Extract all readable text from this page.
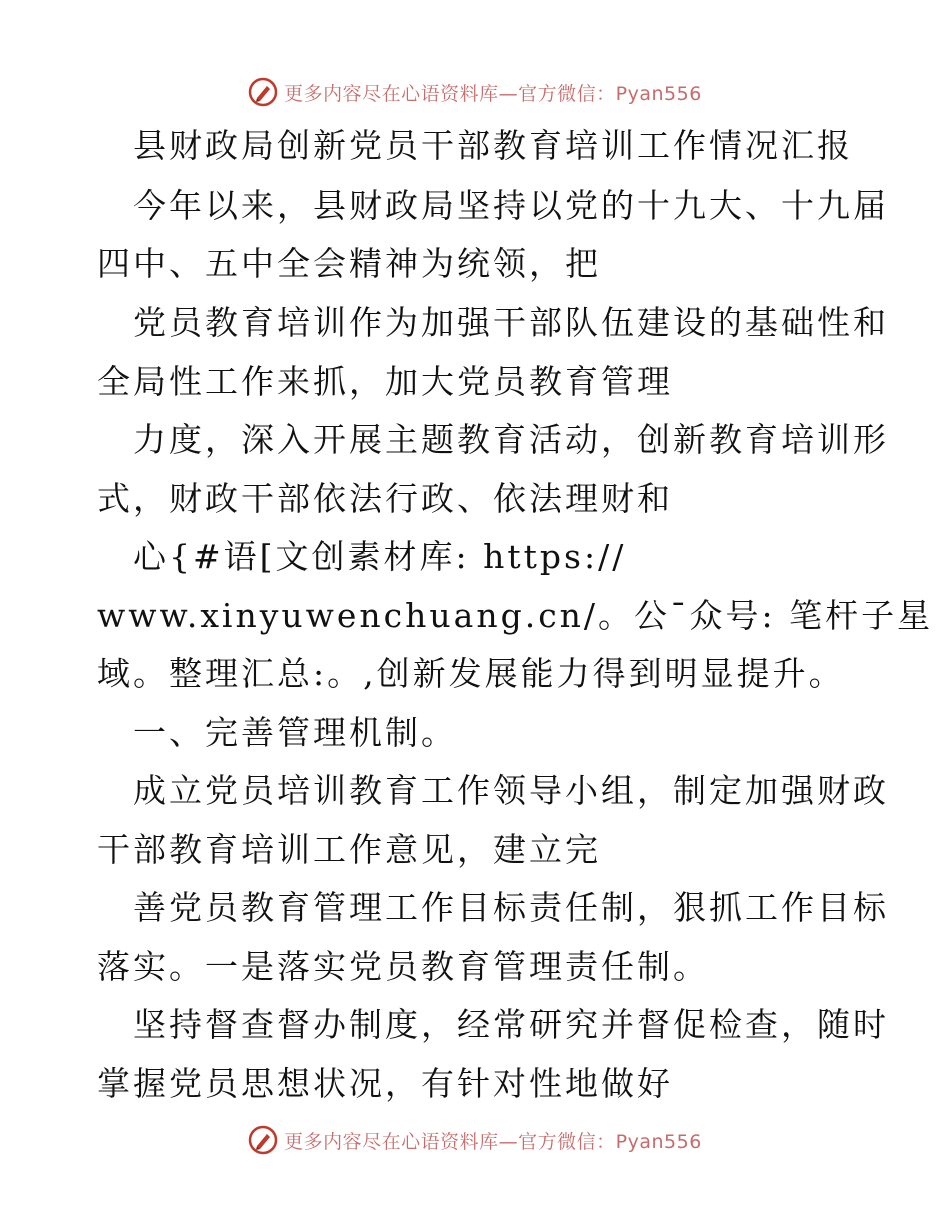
更多内容尽在心语资料库—官方微信：Pyan556

县财政局创新党员干部教育培训工作情况汇报

今年以来，县财政局坚持以党的十九大、十九届

四中、五中全会精神为统领，把

党员教育培训作为加强干部队伍建设的基础性和

全局性工作来抓，加大党员教育管理

力度，深入开展主题教育活动，创新教育培训形

式，财政干部依法行政、依法理财和

心{#语[文创素材库: https://

www.xinyuwenchuang.cn/。公¯众号: 笔杆子星

域。整理汇总:。,创新发展能力得到明显提升。

一、完善管理机制。

成立党员培训教育工作领导小组，制定加强财政

干部教育培训工作意见，建立完

善党员教育管理工作目标责任制，狠抓工作目标

落实。一是落实党员教育管理责任制。

坚持督查督办制度，经常研究并督促检查，随时

掌握党员思想状况，有针对性地做好

更多内容尽在心语资料库—官方微信：Pyan556
